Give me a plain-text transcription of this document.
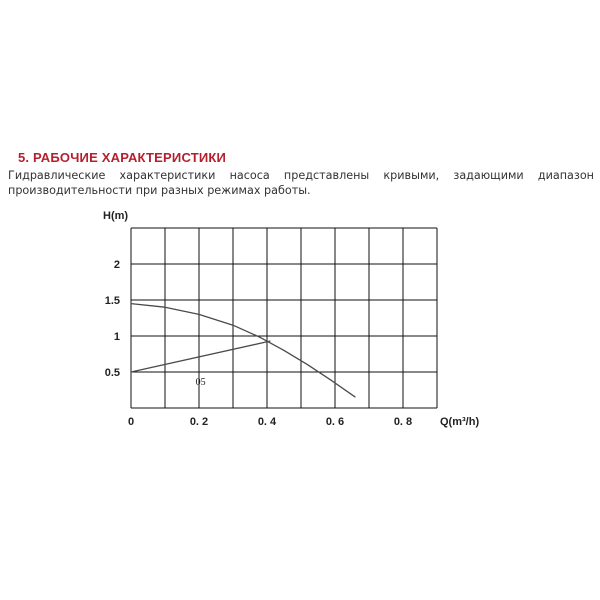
5. РАБОЧИЕ ХАРАКТЕРИСТИКИ

Гидравлические характеристики насоса представлены кривыми, задающими диапазон производительности при разных режимах работы.

0	0. 2	0. 4	0. 6	0. 8
0.5
1
1.5
2
H(m)
Q(m³/h)
05
